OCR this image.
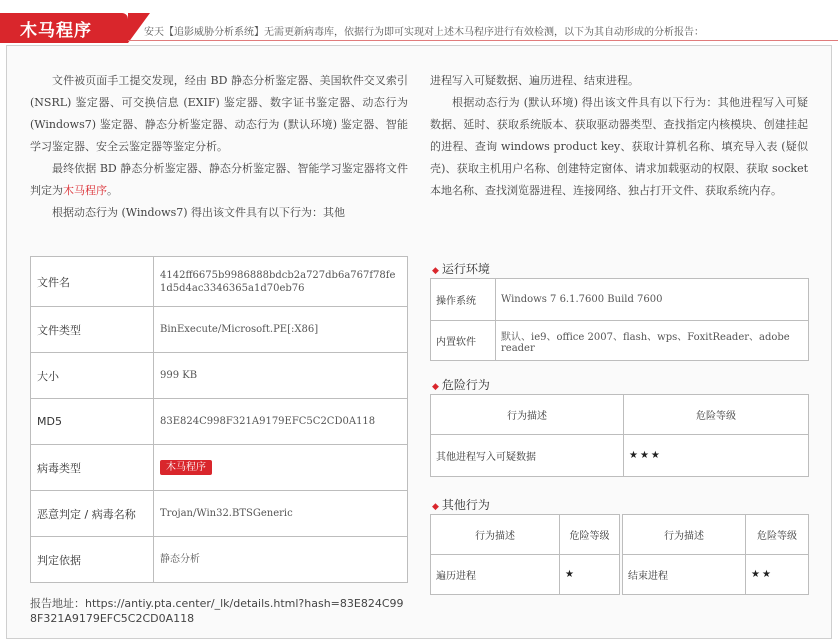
木马程序	安天【追影威胁分析系统】无需更新病毒库，依据行为即可实现对上述木马程序进行有效检测，以下为其自动形成的分析报告：

文件被页面手工提交发现，经由 BD 静态分析鉴定器、美国软件交叉索引 (NSRL) 鉴定器、可交换信息 (EXIF) 鉴定器、数字证书鉴定器、动态行为 (Windows7) 鉴定器、静态分析鉴定器、动态行为 (默认环境) 鉴定器、智能学习鉴定器、安全云鉴定器等鉴定分析。

最终依据 BD 静态分析鉴定器、静态分析鉴定器、智能学习鉴定器将文件判定为木马程序。

根据动态行为 (Windows7) 得出该文件具有以下行为：其他

进程写入可疑数据、遍历进程、结束进程。

根据动态行为 (默认环境) 得出该文件具有以下行为：其他进程写入可疑数据、延时、获取系统版本、获取驱动器类型、查找指定内核模块、创建挂起的进程、查询 windows product key、获取计算机名称、填充导入表 (疑似壳)、获取主机用户名称、创建特定窗体、请求加载驱动的权限、获取 socket 本地名称、查找浏览器进程、连接网络、独占打开文件、获取系统内存。

文件名	4142ff6675b9986888bdcb2a727db6a767f78fe1d5d4ac3346365a1d70eb76
文件类型	BinExecute/Microsoft.PE[:X86]
大小	999 KB
MD5	83E824C998F321A9179EFC5C2CD0A118
病毒类型	木马程序
恶意判定 / 病毒名称	Trojan/Win32.BTSGeneric
判定依据	静态分析
报告地址：https://antiy.pta.center/_lk/details.html?hash=83E824C998F321A9179EFC5C2CD0A118
◆ 运行环境
操作系统	Windows 7 6.1.7600 Build 7600
内置软件	默认、ie9、office 2007、flash、wps、FoxitReader、adobe reader
◆ 危险行为
行为描述	危险等级
其他进程写入可疑数据	★★★
◆ 其他行为
行为描述	危险等级
遍历进程	★
行为描述	危险等级
结束进程	★★
